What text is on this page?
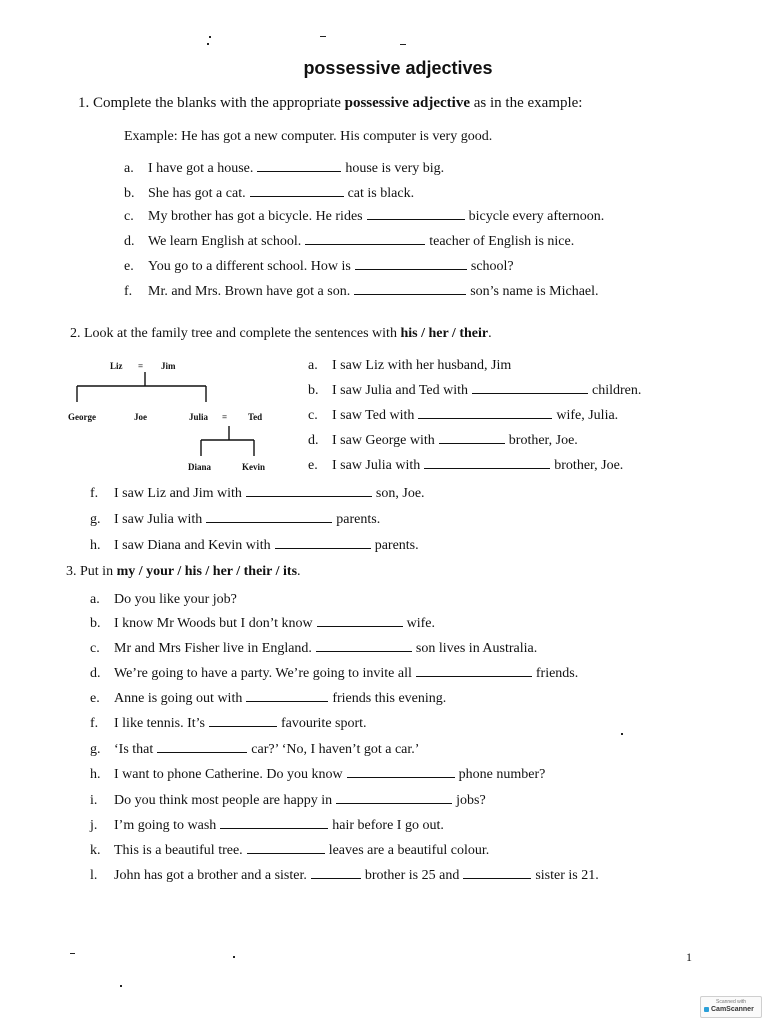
possessive adjectives
1. Complete the blanks with the appropriate possessive adjective as in the example:
Example: He has got a new computer. His computer is very good.
a. I have got a house.	house is very big.
b. She has got a cat.	cat is black.
c. My brother has got a bicycle. He rides	bicycle every afternoon.
d. We learn English at school.	teacher of English is nice.
e. You go to a different school. How is	school?
f. Mr. and Mrs. Brown have got a son.	son’s name is Michael.
2. Look at the family tree and complete the sentences with his / her / their.
Liz = Jim
George	Joe	Julia = Ted
Diana	Kevin
a. I saw Liz with her husband, Jim
b. I saw Julia and Ted with	children.
c. I saw Ted with	wife, Julia.
d. I saw George with	brother, Joe.
e. I saw Julia with	brother, Joe.
f. I saw Liz and Jim with	son, Joe.
g. I saw Julia with	parents.
h. I saw Diana and Kevin with	parents.
3. Put in my / your / his / her / their / its.
a. Do you like your job?
b. I know Mr Woods but I don’t know	wife.
c. Mr and Mrs Fisher live in England.	son lives in Australia.
d. We’re going to have a party. We’re going to invite all	friends.
e. Anne is going out with	friends this evening.
f. I like tennis. It’s	favourite sport.
g. ‘Is that	car?’ ‘No, I haven’t got a car.’
h. I want to phone Catherine. Do you know	phone number?
i. Do you think most people are happy in	jobs?
j. I’m going to wash	hair before I go out.
k. This is a beautiful tree.	leaves are a beautiful colour.
l. John has got a brother and a sister.	brother is 25 and	sister is 21.
1
Scanned with
CamScanner
